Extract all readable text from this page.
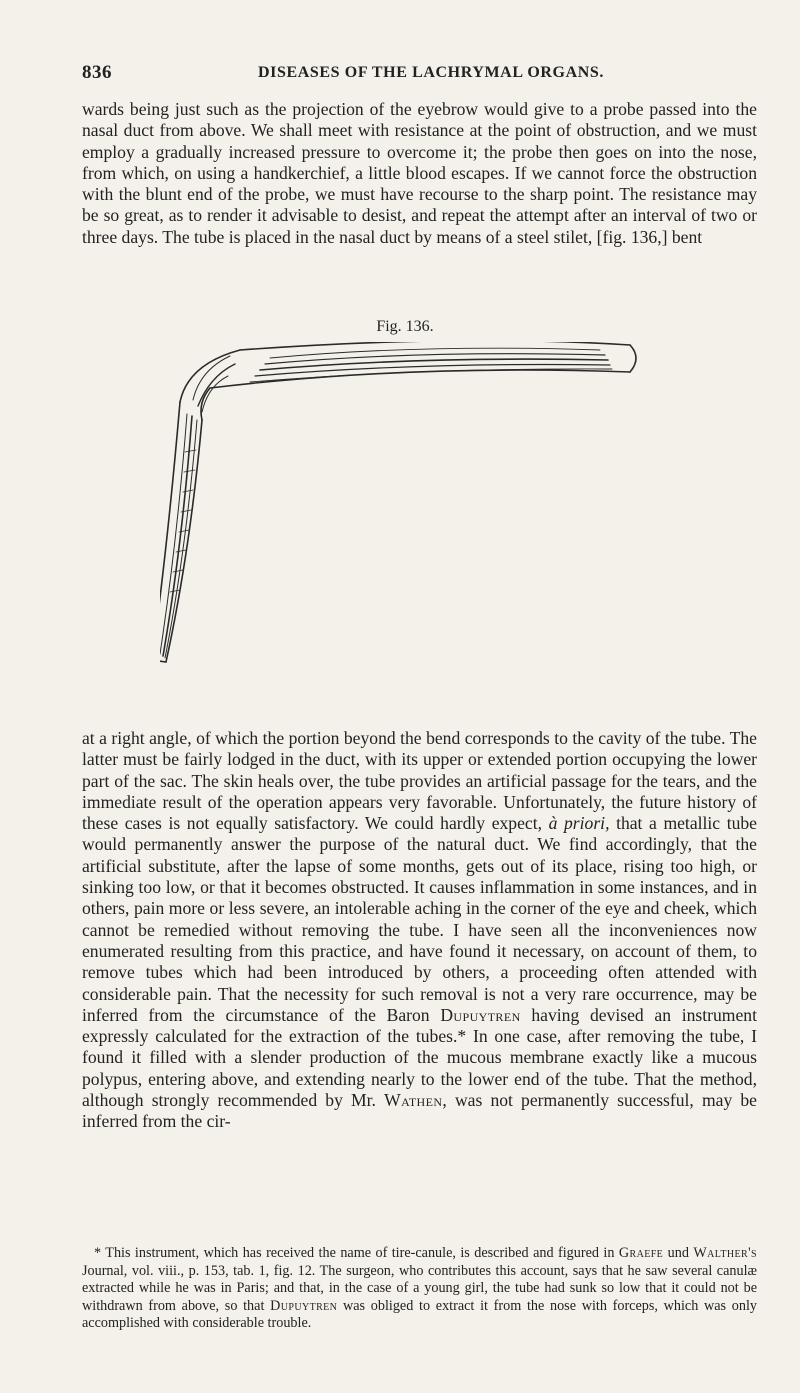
836	DISEASES OF THE LACHRYMAL ORGANS.

wards being just such as the projection of the eyebrow would give to a probe passed into the nasal duct from above. We shall meet with resistance at the point of obstruction, and we must employ a gradually increased pressure to overcome it; the probe then goes on into the nose, from which, on using a handkerchief, a little blood escapes. If we cannot force the obstruction with the blunt end of the probe, we must have recourse to the sharp point. The resistance may be so great, as to render it advisable to desist, and repeat the attempt after an interval of two or three days. The tube is placed in the nasal duct by means of a steel stilet, [fig. 136,] bent

Fig. 136.

at a right angle, of which the portion beyond the bend corresponds to the cavity of the tube. The latter must be fairly lodged in the duct, with its upper or extended portion occupying the lower part of the sac. The skin heals over, the tube provides an artificial passage for the tears, and the immediate result of the operation appears very favorable. Unfortunately, the future history of these cases is not equally satisfactory. We could hardly expect, à priori, that a metallic tube would permanently answer the purpose of the natural duct. We find accordingly, that the artificial substitute, after the lapse of some months, gets out of its place, rising too high, or sinking too low, or that it becomes obstructed. It causes inflammation in some instances, and in others, pain more or less severe, an intolerable aching in the corner of the eye and cheek, which cannot be remedied without removing the tube. I have seen all the inconveniences now enumerated resulting from this practice, and have found it necessary, on account of them, to remove tubes which had been introduced by others, a proceeding often attended with considerable pain. That the necessity for such removal is not a very rare occurrence, may be inferred from the circumstance of the Baron Dupuytren having devised an instrument expressly calculated for the extraction of the tubes.* In one case, after removing the tube, I found it filled with a slender production of the mucous membrane exactly like a mucous polypus, entering above, and extending nearly to the lower end of the tube. That the method, although strongly recommended by Mr. Wathen, was not permanently successful, may be inferred from the cir-

* This instrument, which has received the name of tire-canule, is described and figured in Graefe und Walther's Journal, vol. viii., p. 153, tab. 1, fig. 12. The surgeon, who contributes this account, says that he saw several canulæ extracted while he was in Paris; and that, in the case of a young girl, the tube had sunk so low that it could not be withdrawn from above, so that Dupuytren was obliged to extract it from the nose with forceps, which was only accomplished with considerable trouble.
